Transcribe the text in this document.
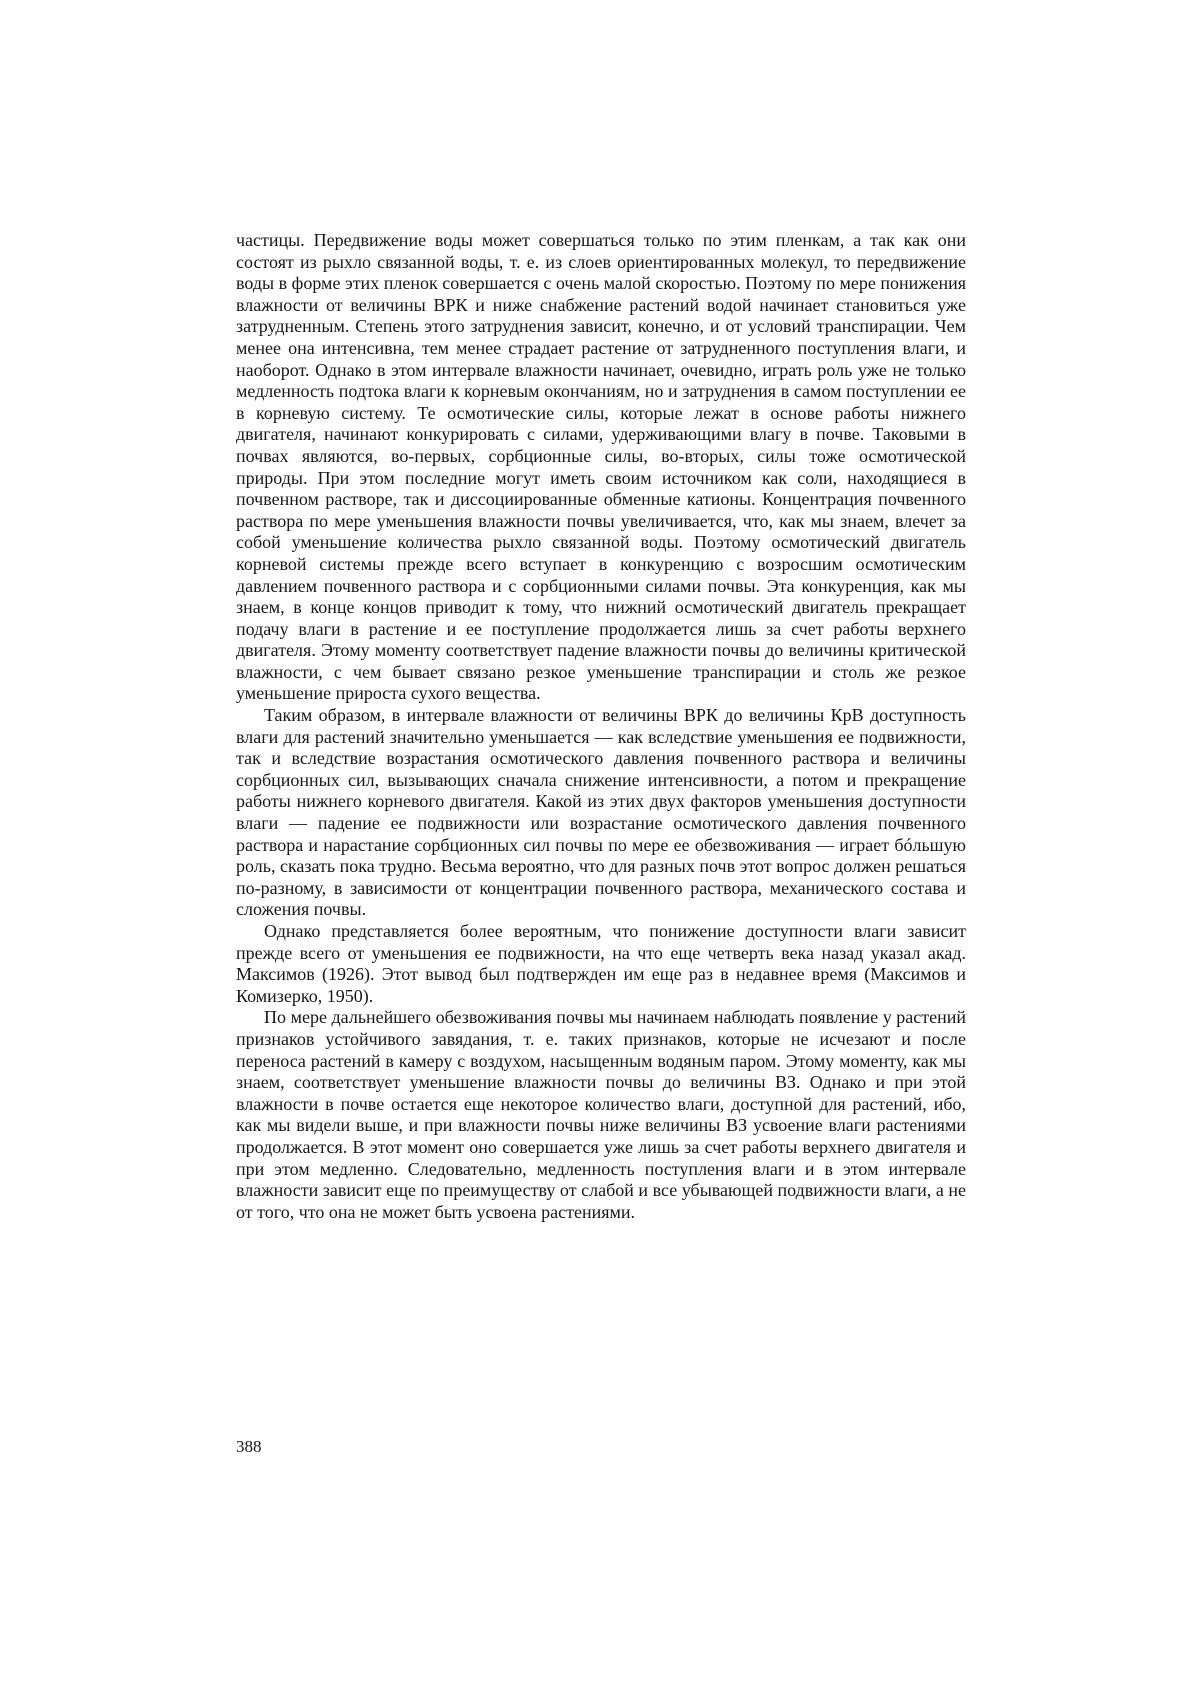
частицы. Передвижение воды может совершаться только по этим пленкам, а так как они состоят из рыхло связанной воды, т. е. из слоев ориентированных молекул, то передвижение воды в форме этих пленок совершается с очень малой скоростью. Поэтому по мере понижения влажности от величины ВРК и ниже снабжение растений водой начинает становиться уже затрудненным. Степень этого затруднения зависит, конечно, и от условий транспирации. Чем менее она интенсивна, тем менее страдает растение от затрудненного поступления влаги, и наоборот. Однако в этом интервале влажности начинает, очевидно, играть роль уже не только медленность подтока влаги к корневым окончаниям, но и затруднения в самом поступлении ее в корневую систему. Те осмотические силы, которые лежат в основе работы нижнего двигателя, начинают конкурировать с силами, удерживающими влагу в почве. Таковыми в почвах являются, во-первых, сорбционные силы, во-вторых, силы тоже осмотической природы. При этом последние могут иметь своим источником как соли, находящиеся в почвенном растворе, так и диссоциированные обменные катионы. Концентрация почвенного раствора по мере уменьшения влажности почвы увеличивается, что, как мы знаем, влечет за собой уменьшение количества рыхло связанной воды. Поэтому осмотический двигатель корневой системы прежде всего вступает в конкуренцию с возросшим осмотическим давлением почвенного раствора и с сорбционными силами почвы. Эта конкуренция, как мы знаем, в конце концов приводит к тому, что нижний осмотический двигатель прекращает подачу влаги в растение и ее поступление продолжается лишь за счет работы верхнего двигателя. Этому моменту соответствует падение влажности почвы до величины критической влажности, с чем бывает связано резкое уменьшение транспирации и столь же резкое уменьшение прироста сухого вещества.

Таким образом, в интервале влажности от величины ВРК до величины КрВ доступность влаги для растений значительно уменьшается — как вследствие уменьшения ее подвижности, так и вследствие возрастания осмотического давления почвенного раствора и величины сорбционных сил, вызывающих сначала снижение интенсивности, а потом и прекращение работы нижнего корневого двигателя. Какой из этих двух факторов уменьшения доступности влаги — падение ее подвижности или возрастание осмотического давления почвенного раствора и нарастание сорбционных сил почвы по мере ее обезвоживания — играет бóльшую роль, сказать пока трудно. Весьма вероятно, что для разных почв этот вопрос должен решаться по-разному, в зависимости от концентрации почвенного раствора, механического состава и сложения почвы.

Однако представляется более вероятным, что понижение доступности влаги зависит прежде всего от уменьшения ее подвижности, на что еще четверть века назад указал акад. Максимов (1926). Этот вывод был подтвержден им еще раз в недавнее время (Максимов и Комизерко, 1950).

По мере дальнейшего обезвоживания почвы мы начинаем наблюдать появление у растений признаков устойчивого завядания, т. е. таких признаков, которые не исчезают и после переноса растений в камеру с воздухом, насыщенным водяным паром. Этому моменту, как мы знаем, соответствует уменьшение влажности почвы до величины ВЗ. Однако и при этой влажности в почве остается еще некоторое количество влаги, доступной для растений, ибо, как мы видели выше, и при влажности почвы ниже величины ВЗ усвоение влаги растениями продолжается. В этот момент оно совершается уже лишь за счет работы верхнего двигателя и при этом медленно. Следовательно, медленность поступления влаги и в этом интервале влажности зависит еще по преимуществу от слабой и все убывающей подвижности влаги, а не от того, что она не может быть усвоена растениями.

388
